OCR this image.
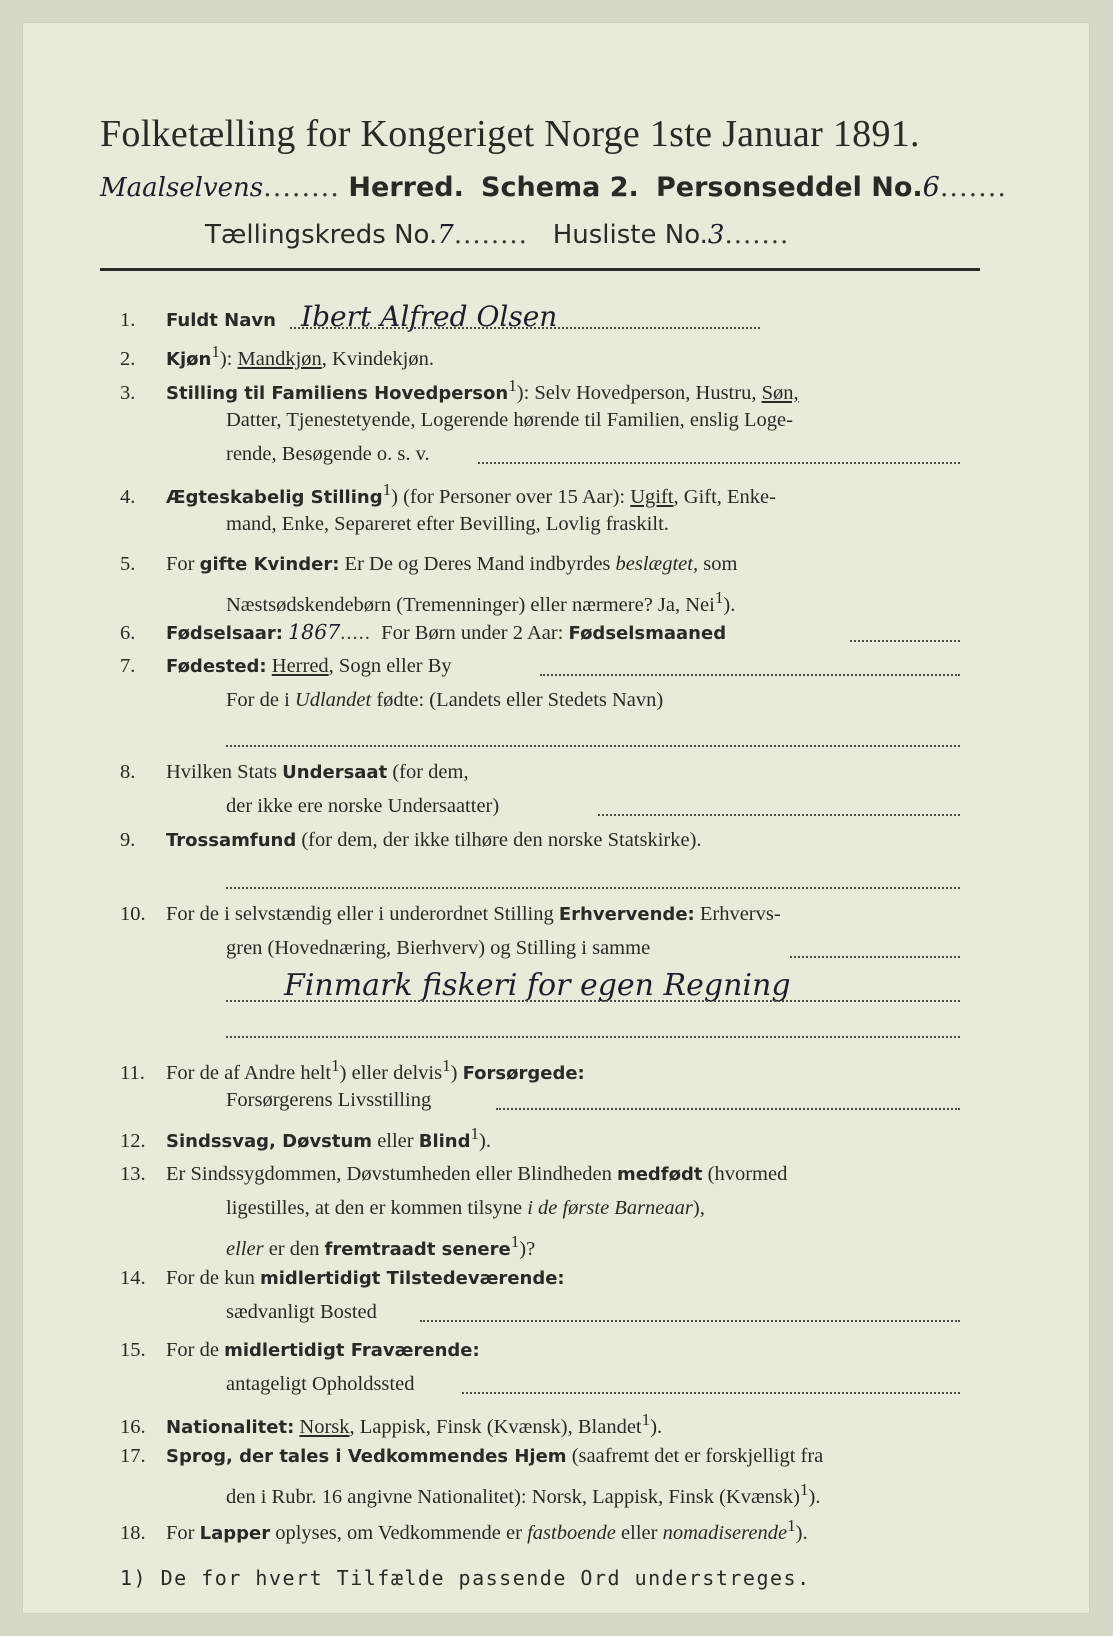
Folketælling for Kongeriget Norge 1ste Januar 1891.
Maalselvens........ Herred. Schema 2. Personseddel No.6.......
Tællingskreds No.7........ Husliste No.3.......
1. Fuldt Navn Ibert Alfred Olsen
2. Kjøn$^1$): Mandkjøn, Kvindekjøn.
3. Stilling til Familiens Hovedperson$^1$): Selv Hovedperson, Hustru, Søn,
Datter, Tjenestetyende, Logerende hørende til Familien, enslig Loge-
rende, Besøgende o. s. v.
4. Ægteskabelig Stilling$^1$) (for Personer over 15 Aar): Ugift, Gift, Enke-
mand, Enke, Separeret efter Bevilling, Lovlig fraskilt.
5. For gifte Kvinder: Er De og Deres Mand indbyrdes beslægtet, som
Næstsødskendebørn (Tremenninger) eller nærmere? Ja, Nei$^1$).
6. Fødselsaar: 1867..... For Børn under 2 Aar: Fødselsmaaned
7. Fødested: Herred, Sogn eller By
For de i Udlandet fødte: (Landets eller Stedets Navn)
8. Hvilken Stats Undersaat (for dem,
der ikke ere norske Undersaatter)
9. Trossamfund (for dem, der ikke tilhøre den norske Statskirke).
10. For de i selvstændig eller i underordnet Stilling Erhvervende: Erhvervs-
gren (Hovednæring, Bierhverv) og Stilling i samme
Finmark fiskeri for egen Regning
11. For de af Andre helt$^1$) eller delvis$^1$) Forsørgede:
Forsørgerens Livsstilling
12. Sindssvag, Døvstum eller Blind$^1$).
13. Er Sindssygdommen, Døvstumheden eller Blindheden medfødt (hvormed
ligestilles, at den er kommen tilsyne i de første Barneaar),
eller er den fremtraadt senere$^1$)?
14. For de kun midlertidigt Tilstedeværende:
sædvanligt Bosted
15. For de midlertidigt Fraværende:
antageligt Opholdssted
16. Nationalitet: Norsk, Lappisk, Finsk (Kvænsk), Blandet$^1$).
17. Sprog, der tales i Vedkommendes Hjem (saafremt det er forskjelligt fra
den i Rubr. 16 angivne Nationalitet): Norsk, Lappisk, Finsk (Kvænsk)$^1$).
18. For Lapper oplyses, om Vedkommende er fastboende eller nomadiserende$^1$).
1) De for hvert Tilfælde passende Ord understreges.
